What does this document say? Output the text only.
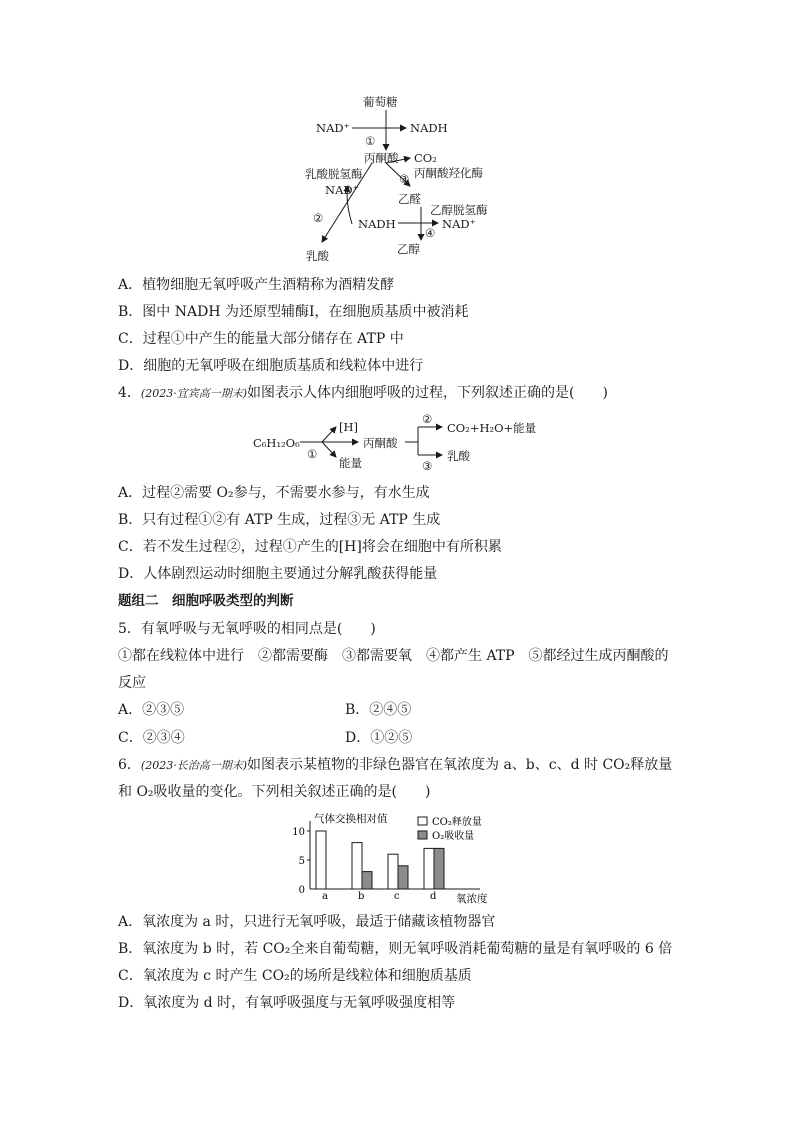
葡萄糖
NAD⁺	NADH
①
丙酮酸 CO₂
③ 丙酮酸羟化酶
乳酸脱氢酶
NAD⁺
乙醛
乙醇脱氢酶
②	NADH
④
NAD⁺
乙醇
乳酸
A．植物细胞无氧呼吸产生酒精称为酒精发酵
B．图中 NADH 为还原型辅酶Ⅰ，在细胞质基质中被消耗
C．过程①中产生的能量大部分储存在 ATP 中
D．细胞的无氧呼吸在细胞质基质和线粒体中进行
4．(2023·宜宾高一期末)如图表示人体内细胞呼吸的过程，下列叙述正确的是(　　)
C₆H₁₂O₆
[H]
①
能量
丙酮酸
②
CO₂+H₂O+能量
③
乳酸
A．过程②需要 O₂参与，不需要水参与，有水生成
B．只有过程①②有 ATP 生成，过程③无 ATP 生成
C．若不发生过程②，过程①产生的[H]将会在细胞中有所积累
D．人体剧烈运动时细胞主要通过分解乳酸获得能量
题组二　细胞呼吸类型的判断
5．有氧呼吸与无氧呼吸的相同点是(　　)
①都在线粒体中进行　②都需要酶　③都需要氧　④都产生 ATP　⑤都经过生成丙酮酸的
反应
A．②③⑤	B．②④⑤
C．②③④	D．①②⑤
6．(2023·长治高一期末)如图表示某植物的非绿色器官在氧浓度为 a、b、c、d 时 CO₂释放量
和 O₂吸收量的变化。下列相关叙述正确的是(　　)
0
5
10
气体交换相对值
a	b	c	d 氧浓度
CO₂释放量
O₂吸收量
A．氧浓度为 a 时，只进行无氧呼吸，最适于储藏该植物器官
B．氧浓度为 b 时，若 CO₂全来自葡萄糖，则无氧呼吸消耗葡萄糖的量是有氧呼吸的 6 倍
C．氧浓度为 c 时产生 CO₂的场所是线粒体和细胞质基质
D．氧浓度为 d 时，有氧呼吸强度与无氧呼吸强度相等
